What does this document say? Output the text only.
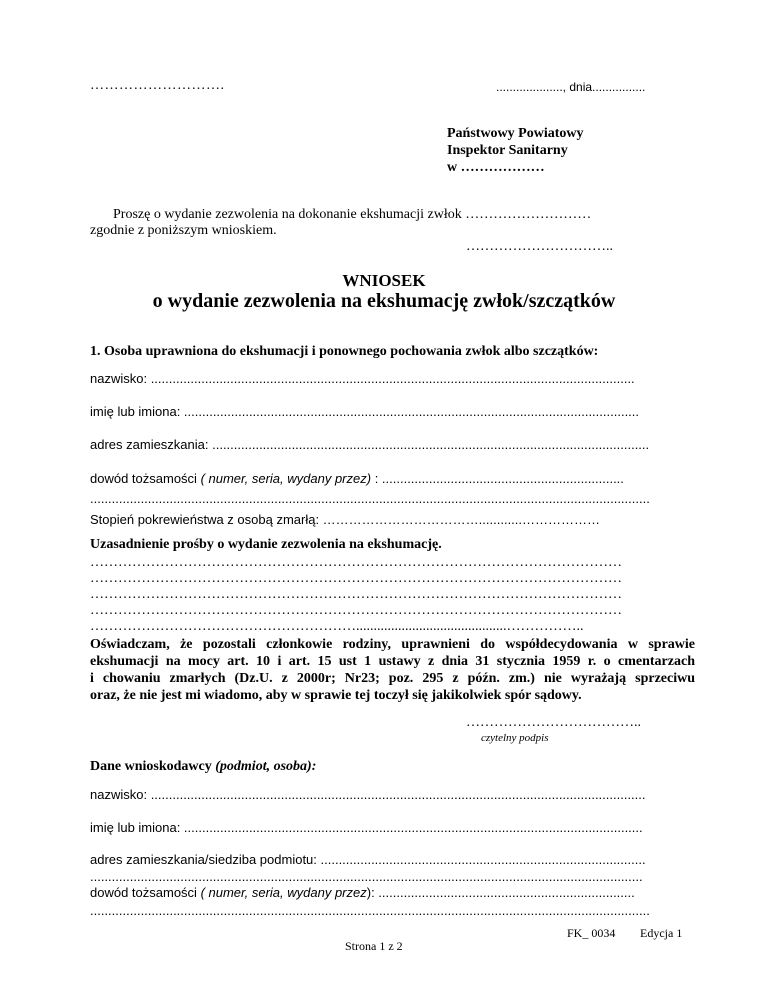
……………………….	...................., dnia................
Państwowy Powiatowy
Inspektor Sanitarny
w ………………
Proszę o wydanie zezwolenia na dokonanie ekshumacji zwłok ………………………
zgodnie z poniższym wnioskiem.
…………………………..
WNIOSEK
o wydanie zezwolenia na ekshumację zwłok/szczątków
1. Osoba uprawniona do ekshumacji i ponownego pochowania zwłok albo szczątków:
nazwisko: ......................................................................................................................................
imię lub imiona: ..............................................................................................................................
adres zamieszkania: .........................................................................................................................
dowód tożsamości ( numer, seria, wydany przez) : ...................................................................
...........................................................................................................................................................
Stopień pokrewieństwa z osobą zmarłą: ………………………………............………………
Uzasadnienie prośby o wydanie zezwolenia na ekshumację.
……………………………………………………………………………………………………
……………………………………………………………………………………………………
……………………………………………………………………………………………………
……………………………………………………………………………………………………
…………………………………………………...........................................……………..
Oświadczam, że pozostali członkowie rodziny, uprawnieni do współdecydowania w sprawie
ekshumacji na mocy art. 10 i art. 15 ust 1 ustawy z dnia 31 stycznia 1959 r. o cmentarzach
i chowaniu zmarłych (Dz.U. z 2000r; Nr23; poz. 295 z późn. zm.) nie wyrażają sprzeciwu
oraz, że nie jest mi wiadomo, aby w sprawie tej toczył się jakikolwiek spór sądowy.
………………………………..
czytelny podpis
Dane wnioskodawcy (podmiot, osoba):
nazwisko: .........................................................................................................................................
imię lub imiona: ...............................................................................................................................
adres zamieszkania/siedziba podmiotu: ..........................................................................................
.........................................................................................................................................................
dowód tożsamości ( numer, seria, wydany przez): .......................................................................
...........................................................................................................................................................
FK_ 0034 Edycja 1
Strona 1 z 2
